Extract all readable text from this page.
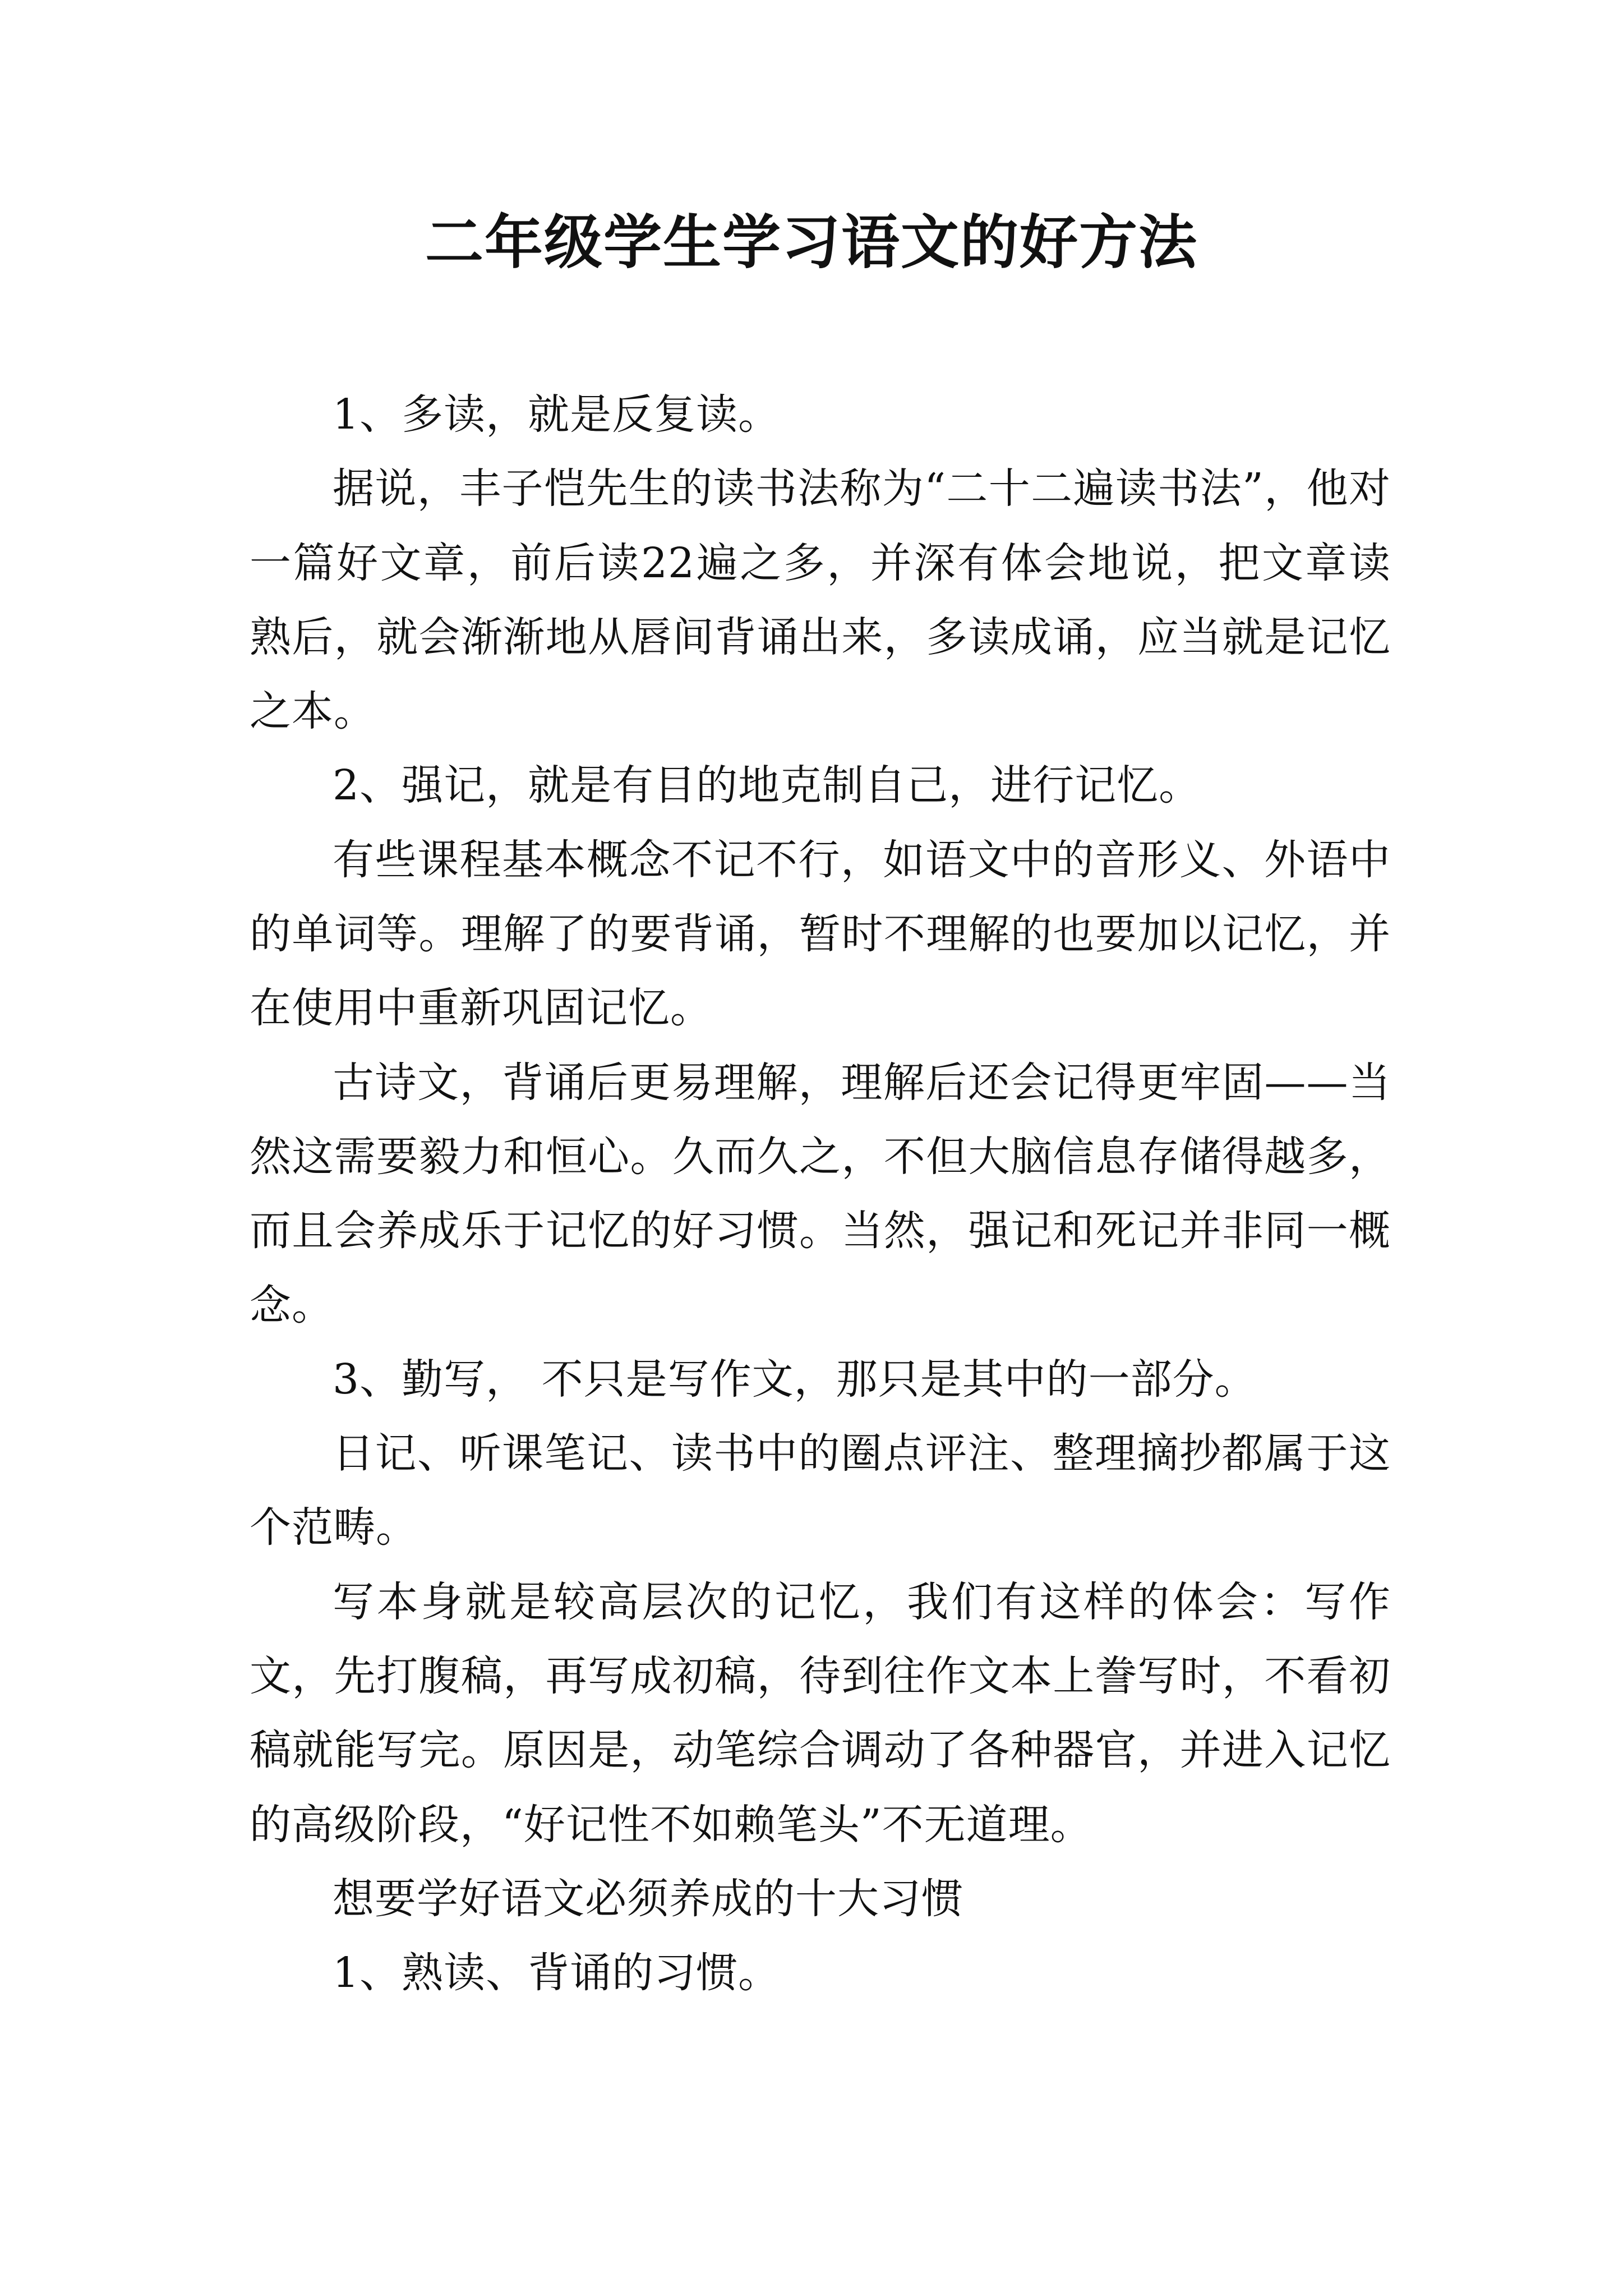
二年级学生学习语文的好方法

1、多读，就是反复读。

据说，丰子恺先生的读书法称为“二十二遍读书法”，他对一篇好文章，前后读22遍之多，并深有体会地说，把文章读熟后，就会渐渐地从唇间背诵出来，多读成诵，应当就是记忆之本。

2、强记，就是有目的地克制自己，进行记忆。

有些课程基本概念不记不行，如语文中的音形义、外语中的单词等。理解了的要背诵，暂时不理解的也要加以记忆，并在使用中重新巩固记忆。

古诗文，背诵后更易理解，理解后还会记得更牢固——当然这需要毅力和恒心。久而久之，不但大脑信息存储得越多，而且会养成乐于记忆的好习惯。当然，强记和死记并非同一概念。

3、勤写， 不只是写作文，那只是其中的一部分。

日记、听课笔记、读书中的圈点评注、整理摘抄都属于这个范畴。

写本身就是较高层次的记忆，我们有这样的体会：写作文，先打腹稿，再写成初稿，待到往作文本上誊写时，不看初稿就能写完。原因是，动笔综合调动了各种器官，并进入记忆的高级阶段，“好记性不如赖笔头”不无道理。

想要学好语文必须养成的十大习惯

1、熟读、背诵的习惯。
